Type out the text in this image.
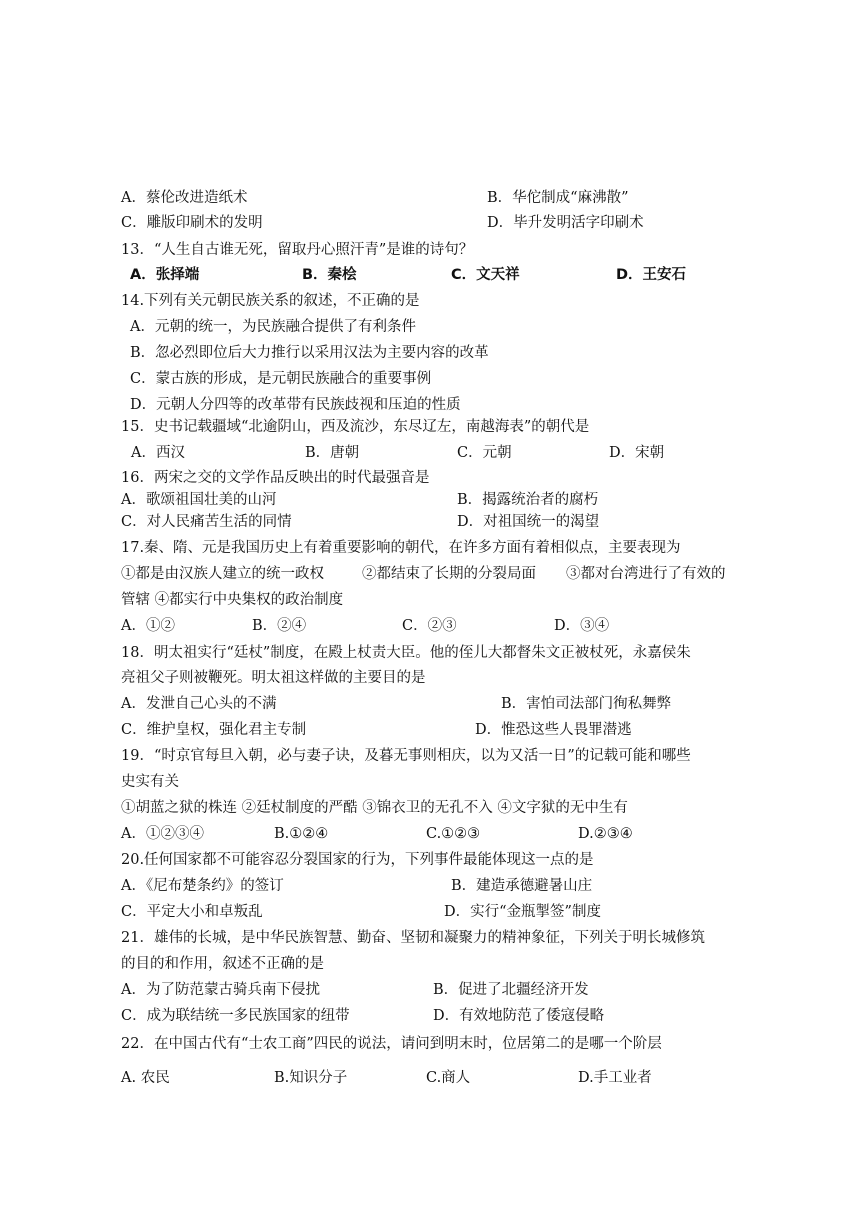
A．蔡伦改进造纸术	B．华佗制成“麻沸散”
C．雕版印刷术的发明	D．毕升发明活字印刷术
13．“人生自古谁无死，留取丹心照汗青”是谁的诗句？
A．张择端	B．秦桧	C．文天祥	D．王安石
14.下列有关元朝民族关系的叙述，不正确的是
A．元朝的统一，为民族融合提供了有利条件
B．忽必烈即位后大力推行以采用汉法为主要内容的改革
C．蒙古族的形成，是元朝民族融合的重要事例
D．元朝人分四等的改革带有民族歧视和压迫的性质
15．史书记载疆域“北逾阴山，西及流沙，东尽辽左，南越海表”的朝代是
A．西汉	B．唐朝	C．元朝	D．宋朝
16．两宋之交的文学作品反映出的时代最强音是
A．歌颂祖国壮美的山河	B．揭露统治者的腐朽
C．对人民痛苦生活的同情	D．对祖国统一的渴望
17.秦、隋、元是我国历史上有着重要影响的朝代，在许多方面有着相似点，主要表现为
①都是由汉族人建立的统一政权	②都结束了长期的分裂局面 ③都对台湾进行了有效的
管辖 ④都实行中央集权的政治制度
A．①②	B．②④	C．②③	D．③④
18．明太祖实行“廷杖”制度，在殿上杖责大臣。他的侄儿大都督朱文正被杖死，永嘉侯朱
亮祖父子则被鞭死。明太祖这样做的主要目的是
A．发泄自己心头的不满	B．害怕司法部门徇私舞弊
C．维护皇权，强化君主专制	D．惟恐这些人畏罪潜逃
19．“时京官每旦入朝，必与妻子诀，及暮无事则相庆，以为又活一日”的记载可能和哪些
史实有关
①胡蓝之狱的株连 ②廷杖制度的严酷 ③锦衣卫的无孔不入 ④文字狱的无中生有
A．①②③④	B.①②④	C.①②③	D.②③④
20.任何国家都不可能容忍分裂国家的行为，下列事件最能体现这一点的是
A．《尼布楚条约》的签订	B．建造承德避暑山庄
C．平定大小和卓叛乱	D．实行“金瓶掣签”制度
21．雄伟的长城，是中华民族智慧、勤奋、坚韧和凝聚力的精神象征，下列关于明长城修筑
的目的和作用，叙述不正确的是
A．为了防范蒙古骑兵南下侵扰	B．促进了北疆经济开发
C．成为联结统一多民族国家的纽带	D．有效地防范了倭寇侵略
22．在中国古代有“士农工商”四民的说法，请问到明末时，位居第二的是哪一个阶层
A. 农民	B.知识分子	C.商人	D.手工业者
